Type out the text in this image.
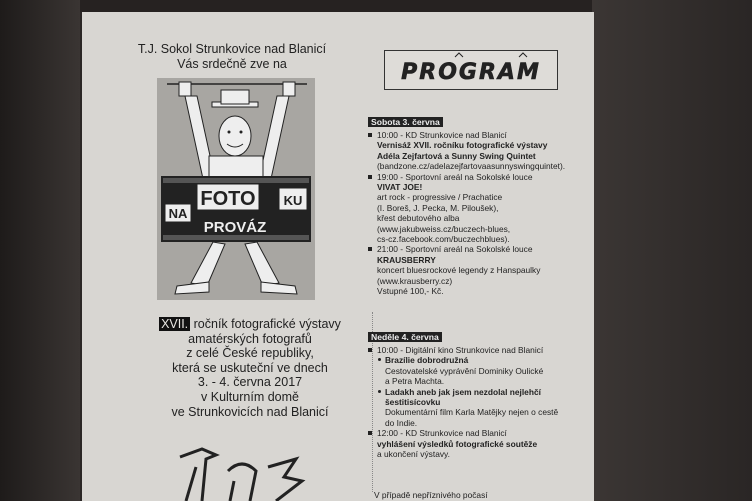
T.J. Sokol Strunkovice nad Blanicí
Vás srdečně zve na
FOTO
NA
PROVÁZ
KU
XVII. ročník fotografické výstavy
amatérských fotografů
z celé České republiky,
která se uskuteční ve dnech
3. - 4. června 2017
v Kulturním domě
ve Strunkovicích nad Blanicí
PROGRAM
Sobota 3. června
10:00 - KD Strunkovice nad Blanicí
Vernisáž XVII. ročníku fotografické výstavy
Adéla Zejfartová a Sunny Swing Quintet
(bandzone.cz/adelazejfartovaasunnyswingquintet).
19:00 - Sportovní areál na Sokolské louce
VIVAT JOE!
art rock - progressive / Prachatice
(I. Boreš, J. Pecka, M. Piloušek),
křest debutového alba
(www.jakubweiss.cz/buczech-blues,
cs-cz.facebook.com/buczechblues).
21:00 - Sportovní areál na Sokolské louce
KRAUSBERRY
koncert bluesrockové legendy z Hanspaulky
(www.krausberry.cz)
Vstupné 100,- Kč.
Neděle 4. června
10:00 - Digitální kino Strunkovice nad Blanicí
Brazílie dobrodružná
Cestovatelské vyprávění Dominiky Oulické
a Petra Machta.
Ladakh aneb jak jsem nezdolal nejlehčí
šestitisícovku
Dokumentární film Karla Matějky nejen o cestě
do Indie.
12:00 - KD Strunkovice nad Blanicí
vyhlášení výsledků fotografické soutěže
a ukončení výstavy.
V případě nepříznivého počasí
